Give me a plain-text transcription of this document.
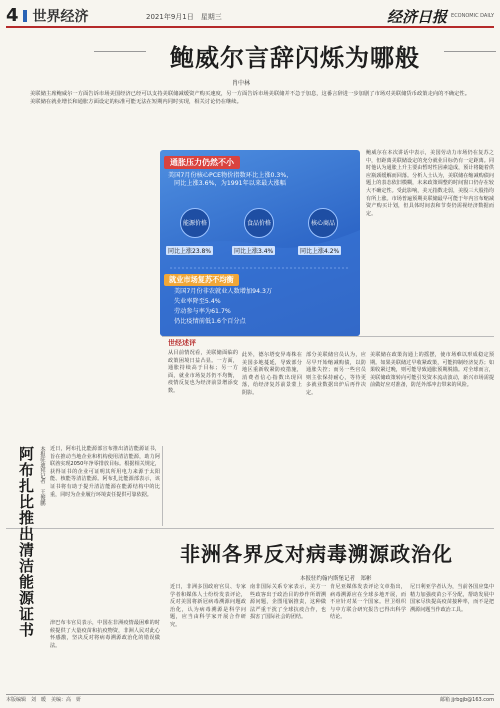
4	世界经济	2021年9月1日　星期三	经济日报 ECONOMIC DAILY
鲍威尔言辞闪烁为哪般
肖中林
美联储主席鲍威尔一方面告诉市场美国经济已经可以支持美联储减缓资产购买速度，另一方面告诉市场美联储并不急于加息，这番言辞进一步加剧了市场对美联储货币政策走向的不确定性。美联储在就业增长和通胀方面设定的标准可能无法在短期内同时实现，相关讨论仍在继续。
通胀压力仍然不小
美国7月份核心PCE物价指数环比上涨0.3%，
同比上涨3.6%，为1991年以来最大涨幅
能源价格	食品价格	核心商品
同比上涨23.8%	同比上涨3.4%	同比上涨4.2%
就业市场复苏不均衡
美国7月份非农就业人数增加94.3万
失业率降至5.4%
劳动参与率为61.7%
仍比疫情前低1.6个百分点
鲍威尔在本次讲话中表示，美国劳动力市场仍在复苏之中，但距离美联储设定的充分就业目标仍有一定距离。同时他认为通胀上升主要由暂时性因素造成，预计将随着供应瓶颈缓解而回落。分析人士认为，美联储在缩减购债问题上的表态依旧模糊，未来政策调整的时间窗口仍存在较大不确定性。受此影响，美元指数走弱，美股三大股指均有所上涨。市场普遍预期美联储最早可能于年内宣布缩减资产购买计划，但具体时间表和节奏仍需视经济数据而定。
世经述评
从目前情况看，美联储面临的政策困境日益凸显。一方面，通胀持续高于目标；另一方面，就业市场复苏仍不均衡，疫情反复也为经济前景增添变数。
此外，德尔塔变异毒株在美国多地蔓延，导致部分地区重新收紧防疫措施，消费者信心指数出现回落，给经济复苏前景蒙上阴影。
部分美联储官员认为，应尽早开始缩减购债，以防通胀失控；而另一些官员则主张保持耐心，等待更多就业数据出炉后再作决定。
美联储在政策沟通上的摇摆，使市场难以形成稳定预期。如果美联储过早收紧政策，可能抑制经济复苏；如果收紧过晚，则可能导致通胀预期脱锚。对全球而言，美联储政策转向可能引发资本流动波动，新兴市场需提前做好应对准备，防范外部冲击带来的风险。
阿布扎比推出清洁能源证书 本报驻迪拜记者　王俊鹏 近日，阿布扎比能源部宣布推出清洁能源证书，旨在推动当地企业和机构使用清洁能源，助力阿联酋实现2050年净零排放目标。根据相关规定，获得证书的企业可证明其所用电力来源于太阳能、核能等清洁能源。阿布扎比能源部表示，该证书将有助于提升清洁能源在能源结构中的比重，同时为企业履行环境责任提供可靠依据。
非洲各界反对病毒溯源政治化
本报驻约翰内斯堡记者　郑彬
近日，非洲多国政府官员、专家学者和媒体人士纷纷发表评论，反对美国将新冠病毒溯源问题政治化，认为病毒溯源是科学问题，应当由科学家开展合作研究。
南非国际关系专家表示，美方一些政客出于政治目的炒作所谓溯源问题，企图甩锅推责，这种做法严重干扰了全球抗疫合作，也损害了国际社会的团结。
肯尼亚媒体发表评论文章指出，病毒溯源应在全球多地开展，而不应针对某一个国家。世卫组织与中方联合研究报告已得出科学结论。
尼日利亚学者认为，当前各国应集中精力加强疫苗公平分配，帮助发展中国家尽快提高疫苗接种率，而不是把溯源问题当作政治工具。
津巴布韦官员表示，中国在非洲疫情最困难的时候提供了大量疫苗和抗疫物资，非洲人民对此心怀感激，坚决反对将病毒溯源政治化的错误做法。
本版编辑　刘　暖　美编：高　妍	邮箱 jjrbgjb@163.com
